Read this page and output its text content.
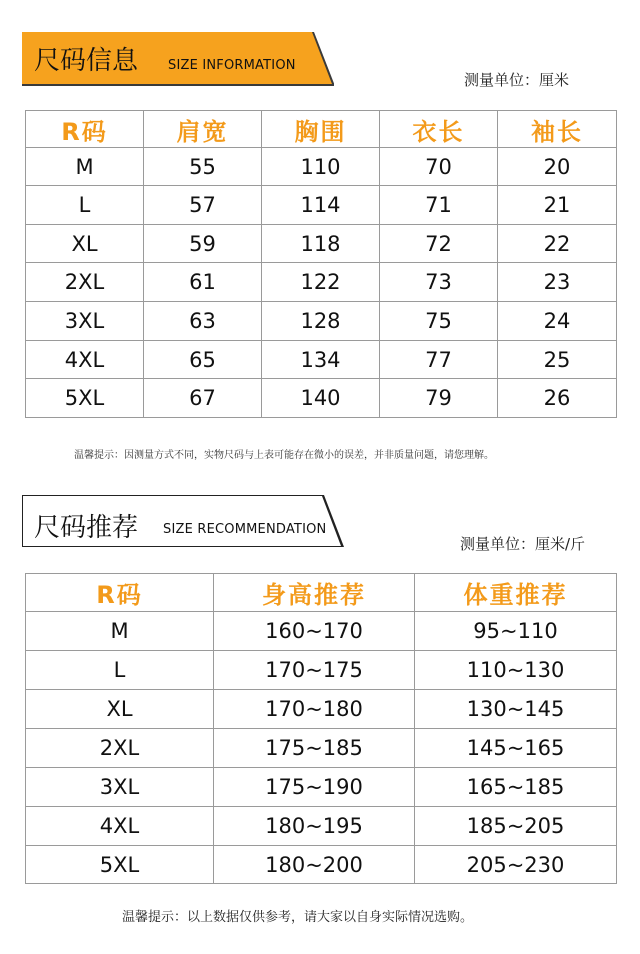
尺码信息 SIZE INFORMATION
测量单位：厘米
R码	肩宽	胸围	衣长	袖长
M	55	110	70	20
L	57	114	71	21
XL	59	118	72	22
2XL	61	122	73	23
3XL	63	128	75	24
4XL	65	134	77	25
5XL	67	140	79	26
温馨提示：因测量方式不同，实物尺码与上表可能存在微小的误差，并非质量问题，请您理解。
尺码推荐 SIZE RECOMMENDATION
测量单位：厘米/斤
R码	身高推荐	体重推荐
M	160~170	95~110
L	170~175	110~130
XL	170~180	130~145
2XL	175~185	145~165
3XL	175~190	165~185
4XL	180~195	185~205
5XL	180~200	205~230
温馨提示：以上数据仅供参考，请大家以自身实际情况选购。
